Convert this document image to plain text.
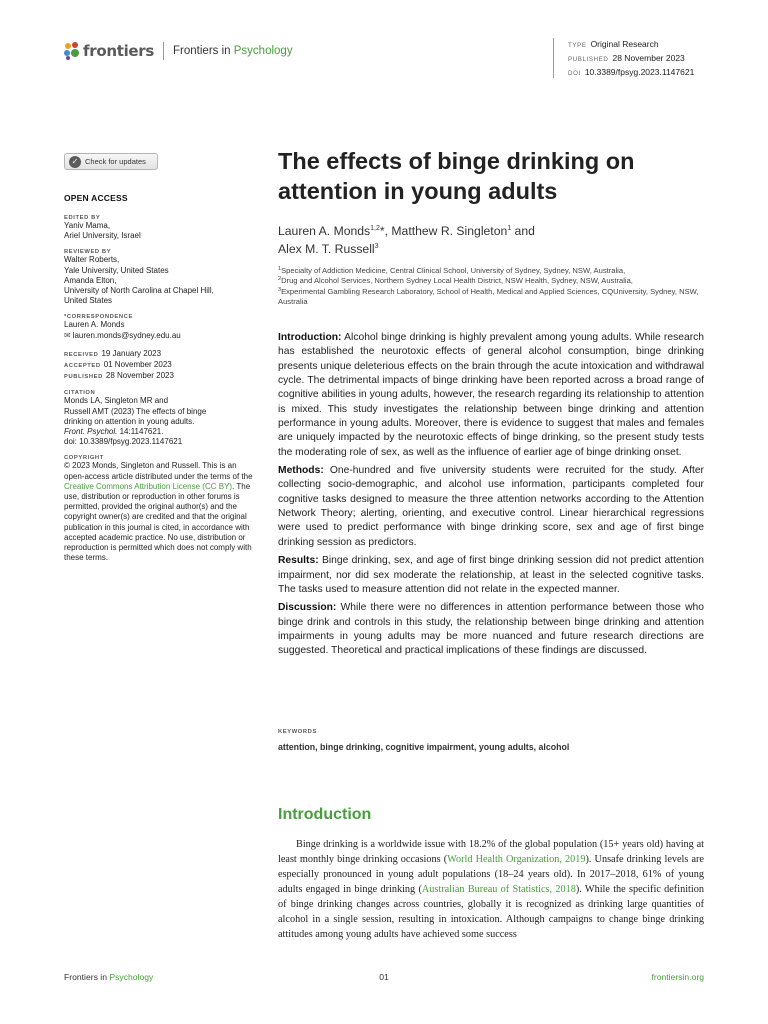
frontiers Frontiers in Psychology	TYPE Original Research
PUBLISHED 28 November 2023
DOI 10.3389/fpsyg.2023.1147621
✓ Check for updates
OPEN ACCESS
EDITED BY
Yaniv Mama,
Ariel University, Israel
REVIEWED BY
Walter Roberts,
Yale University, United States
Amanda Elton,
University of North Carolina at Chapel Hill,
United States
*CORRESPONDENCE
Lauren A. Monds
✉ lauren.monds@sydney.edu.au
RECEIVED 19 January 2023
ACCEPTED 01 November 2023
PUBLISHED 28 November 2023
CITATION
Monds LA, Singleton MR and
Russell AMT (2023) The effects of binge
drinking on attention in young adults.
Front. Psychol. 14:1147621.
doi: 10.3389/fpsyg.2023.1147621
COPYRIGHT
© 2023 Monds, Singleton and Russell. This is an open-access article distributed under the terms of the Creative Commons Attribution License (CC BY). The use, distribution or reproduction in other forums is permitted, provided the original author(s) and the copyright owner(s) are credited and that the original publication in this journal is cited, in accordance with accepted academic practice. No use, distribution or reproduction is permitted which does not comply with these terms.
The effects of binge drinking on attention in young adults
Lauren A. Monds$^{1,2}$*, Matthew R. Singleton$^1$ and
Alex M. T. Russell$^3$
$^1$Specialty of Addiction Medicine, Central Clinical School, University of Sydney, Sydney, NSW, Australia,
$^2$Drug and Alcohol Services, Northern Sydney Local Health District, NSW Health, Sydney, NSW, Australia,
$^3$Experimental Gambling Research Laboratory, School of Health, Medical and Applied Sciences, CQUniversity, Sydney, NSW, Australia

Introduction: Alcohol binge drinking is highly prevalent among young adults. While research has established the neurotoxic effects of general alcohol consumption, binge drinking presents unique deleterious effects on the brain through the acute intoxication and withdrawal cycle. The detrimental impacts of binge drinking have been reported across a broad range of cognitive abilities in young adults, however, the research regarding its relationship to attention is mixed. This study investigates the relationship between binge drinking and attention performance in young adults. Moreover, there is evidence to suggest that males and females are uniquely impacted by the neurotoxic effects of binge drinking, so the present study tests the moderating role of sex, as well as the influence of earlier age of binge drinking onset.

Methods: One-hundred and five university students were recruited for the study. After collecting socio-demographic, and alcohol use information, participants completed four cognitive tasks designed to measure the three attention networks according to the Attention Network Theory; alerting, orienting, and executive control. Linear hierarchical regressions were used to predict performance with binge drinking score, sex and age of first binge drinking session as predictors.

Results: Binge drinking, sex, and age of first binge drinking session did not predict attention impairment, nor did sex moderate the relationship, at least in the selected cognitive tasks. The tasks used to measure attention did not relate in the expected manner.

Discussion: While there were no differences in attention performance between those who binge drink and controls in this study, the relationship between binge drinking and attention impairments in young adults may be more nuanced and future research directions are suggested. Theoretical and practical implications of these findings are discussed.

KEYWORDS
attention, binge drinking, cognitive impairment, young adults, alcohol
Introduction
Binge drinking is a worldwide issue with 18.2% of the global population (15+ years old) having at least monthly binge drinking occasions (World Health Organization, 2019). Unsafe drinking levels are especially pronounced in young adult populations (18–24 years old). In 2017–2018, 61% of young adults engaged in binge drinking (Australian Bureau of Statistics, 2018). While the specific definition of binge drinking changes across countries, globally it is recognized as drinking large quantities of alcohol in a single session, resulting in intoxication. Although campaigns to change binge drinking attitudes among young adults have achieved some success
Frontiers in Psychology	01	frontiersin.org
